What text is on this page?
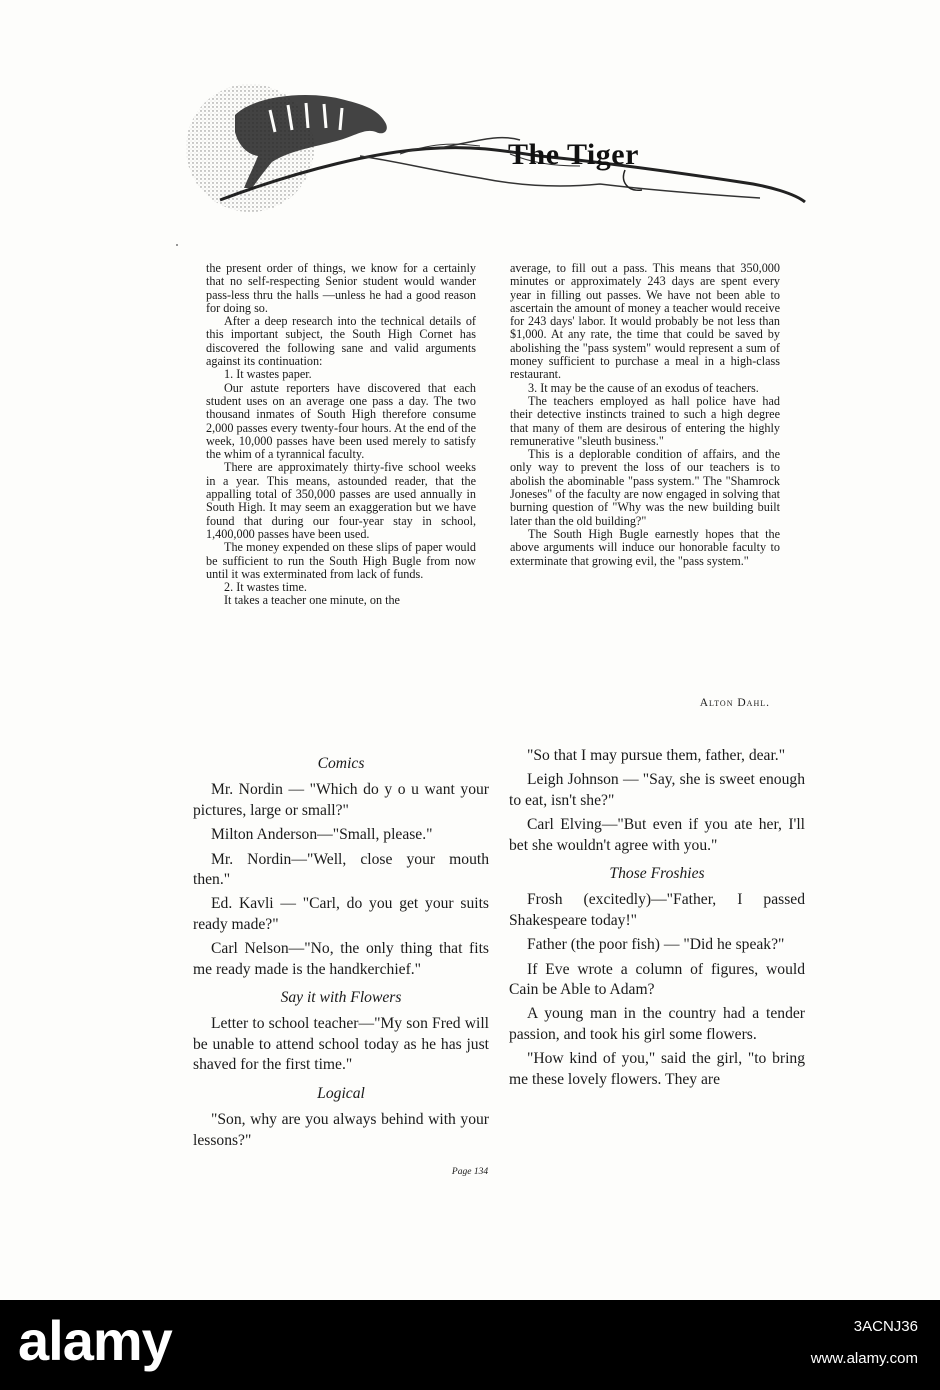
The Tiger

the present order of things, we know for a certainly that no self-respecting Senior student would wander pass-less thru the halls —unless he had a good reason for doing so.

After a deep research into the technical details of this important subject, the South High Cornet has discovered the following sane and valid arguments against its continuation:

1. It wastes paper.

Our astute reporters have discovered that each student uses on an average one pass a day. The two thousand inmates of South High therefore consume 2,000 passes every twenty-four hours. At the end of the week, 10,000 passes have been used merely to satisfy the whim of a tyrannical faculty.

There are approximately thirty-five school weeks in a year. This means, astounded reader, that the appalling total of 350,000 passes are used annually in South High. It may seem an exaggeration but we have found that during our four-year stay in school, 1,400,000 passes have been used.

The money expended on these slips of paper would be sufficient to run the South High Bugle from now until it was exterminated from lack of funds.

2. It wastes time.

It takes a teacher one minute, on the

average, to fill out a pass. This means that 350,000 minutes or approximately 243 days are spent every year in filling out passes. We have not been able to ascertain the amount of money a teacher would receive for 243 days' labor. It would probably be not less than $1,000. At any rate, the time that could be saved by abolishing the "pass system" would represent a sum of money sufficient to purchase a meal in a high-class restaurant.

3. It may be the cause of an exodus of teachers.

The teachers employed as hall police have had their detective instincts trained to such a high degree that many of them are desirous of entering the highly remunerative "sleuth business."

This is a deplorable condition of affairs, and the only way to prevent the loss of our teachers is to abolish the abominable "pass system." The "Shamrock Joneses" of the faculty are now engaged in solving that burning question of "Why was the new building built later than the old building?"

The South High Bugle earnestly hopes that the above arguments will induce our honorable faculty to exterminate that growing evil, the "pass system."

Alton Dahl.
Comics

Mr. Nordin — "Which do y o u want your pictures, large or small?"

Milton Anderson—"Small, please."

Mr. Nordin—"Well, close your mouth then."

Ed. Kavli — "Carl, do you get your suits ready made?"

Carl Nelson—"No, the only thing that fits me ready made is the handkerchief."

Say it with Flowers

Letter to school teacher—"My son Fred will be unable to attend school today as he has just shaved for the first time."

Logical

"Son, why are you always behind with your lessons?"

"So that I may pursue them, father, dear."

Leigh Johnson — "Say, she is sweet enough to eat, isn't she?"

Carl Elving—"But even if you ate her, I'll bet she wouldn't agree with you."

Those Froshies

Frosh (excitedly)—"Father, I passed Shakespeare today!"

Father (the poor fish) — "Did he speak?"

If Eve wrote a column of figures, would Cain be Able to Adam?

A young man in the country had a tender passion, and took his girl some flowers.

"How kind of you," said the girl, "to bring me these lovely flowers. They are

Page 134
alamy	3ACNJ36
www.alamy.com
